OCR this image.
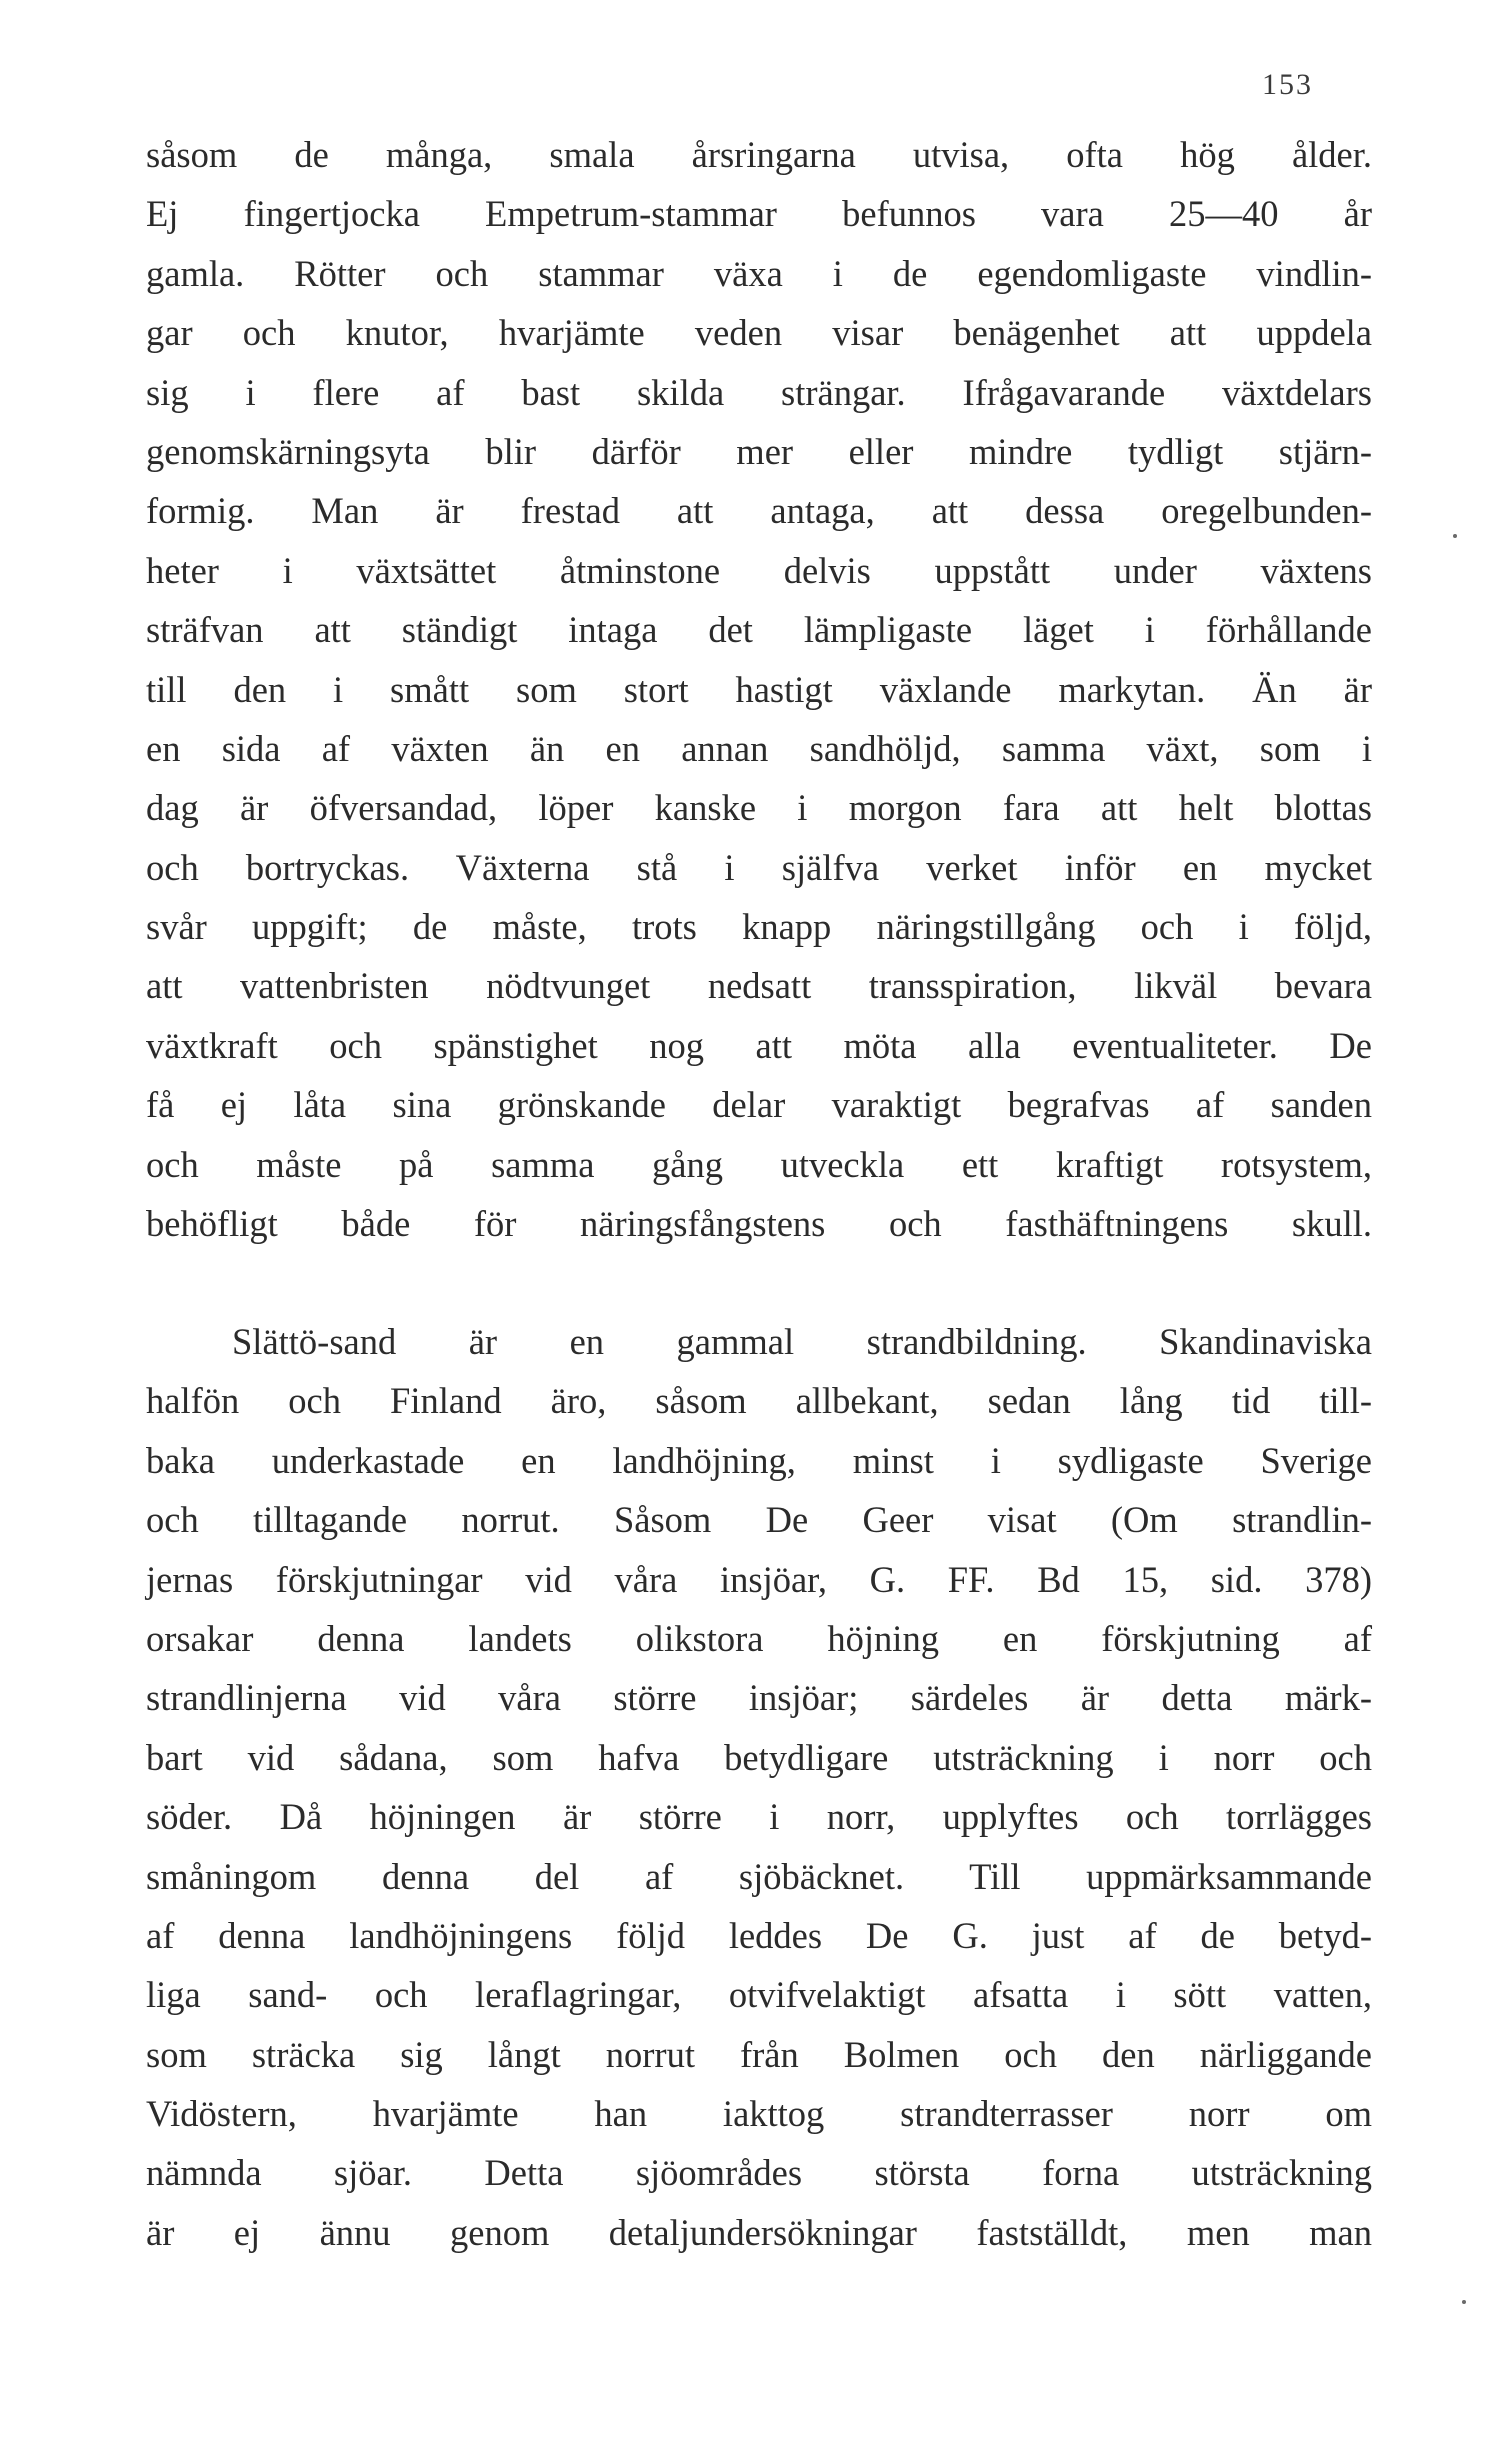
153
såsom de många, smala årsringarna utvisa, ofta hög ålder.
Ej fingertjocka Empetrum-stammar befunnos vara 25—40 år
gamla. Rötter och stammar växa i de egendomligaste vindlin-
gar och knutor, hvarjämte veden visar benägenhet att uppdela
sig i flere af bast skilda strängar. Ifrågavarande växtdelars
genomskärningsyta blir därför mer eller mindre tydligt stjärn-
formig. Man är frestad att antaga, att dessa oregelbunden-
heter i växtsättet åtminstone delvis uppstått under växtens
sträfvan att ständigt intaga det lämpligaste läget i förhållande
till den i smått som stort hastigt växlande markytan. Än är
en sida af växten än en annan sandhöljd, samma växt, som i
dag är öfversandad, löper kanske i morgon fara att helt blottas
och bortryckas. Växterna stå i själfva verket inför en mycket
svår uppgift; de måste, trots knapp näringstillgång och i följd,
att vattenbristen nödtvunget nedsatt transspiration, likväl bevara
växtkraft och spänstighet nog att möta alla eventualiteter. De
få ej låta sina grönskande delar varaktigt begrafvas af sanden
och måste på samma gång utveckla ett kraftigt rotsystem,
behöfligt både för näringsfångstens och fasthäftningens skull.
Slättö-sand är en gammal strandbildning. Skandinaviska
halfön och Finland äro, såsom allbekant, sedan lång tid till-
baka underkastade en landhöjning, minst i sydligaste Sverige
och tilltagande norrut. Såsom De Geer visat (Om strandlin-
jernas förskjutningar vid våra insjöar, G. FF. Bd 15, sid. 378)
orsakar denna landets olikstora höjning en förskjutning af
strandlinjerna vid våra större insjöar; särdeles är detta märk-
bart vid sådana, som hafva betydligare utsträckning i norr och
söder. Då höjningen är större i norr, upplyftes och torrlägges
småningom denna del af sjöbäcknet. Till uppmärksammande
af denna landhöjningens följd leddes De G. just af de betyd-
liga sand- och leraflagringar, otvifvelaktigt afsatta i sött vatten,
som sträcka sig långt norrut från Bolmen och den närliggande
Vidöstern, hvarjämte han iakttog strandterrasser norr om
nämnda sjöar. Detta sjöområdes största forna utsträckning
är ej ännu genom detaljundersökningar fastställdt, men man
